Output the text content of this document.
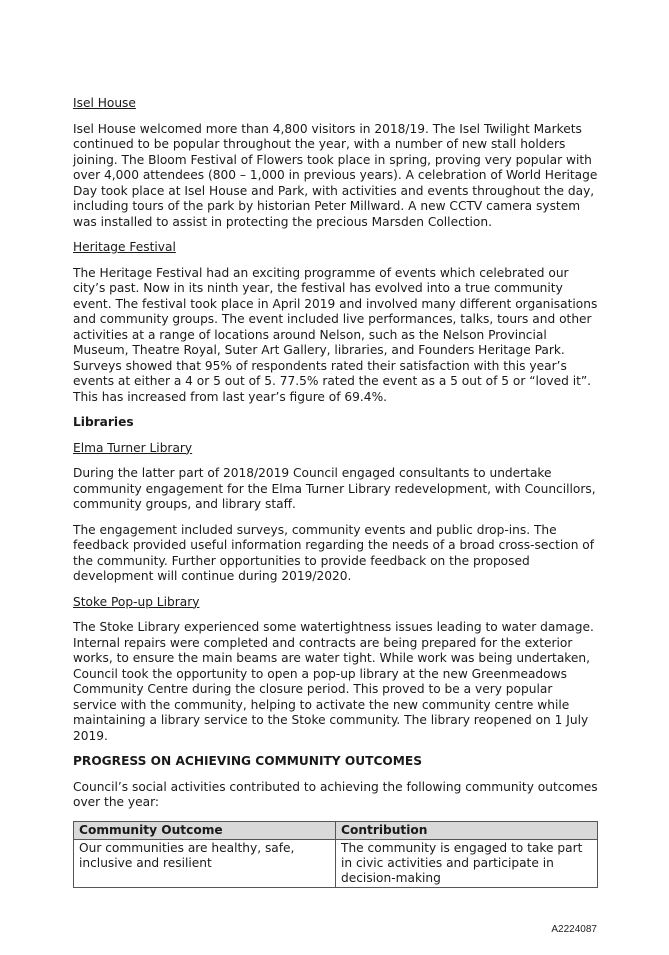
Isel House

Isel House welcomed more than 4,800 visitors in 2018/19. The Isel Twilight Markets continued to be popular throughout the year, with a number of new stall holders joining. The Bloom Festival of Flowers took place in spring, proving very popular with over 4,000 attendees (800 – 1,000 in previous years). A celebration of World Heritage Day took place at Isel House and Park, with activities and events throughout the day, including tours of the park by historian Peter Millward. A new CCTV camera system was installed to assist in protecting the precious Marsden Collection.

Heritage Festival

The Heritage Festival had an exciting programme of events which celebrated our city’s past. Now in its ninth year, the festival has evolved into a true community event. The festival took place in April 2019 and involved many different organisations and community groups. The event included live performances, talks, tours and other activities at a range of locations around Nelson, such as the Nelson Provincial Museum, Theatre Royal, Suter Art Gallery, libraries, and Founders Heritage Park. Surveys showed that 95% of respondents rated their satisfaction with this year’s events at either a 4 or 5 out of 5. 77.5% rated the event as a 5 out of 5 or “loved it”. This has increased from last year’s figure of 69.4%.

Libraries

Elma Turner Library

During the latter part of 2018/2019 Council engaged consultants to undertake community engagement for the Elma Turner Library redevelopment, with Councillors, community groups, and library staff.

The engagement included surveys, community events and public drop-ins. The feedback provided useful information regarding the needs of a broad cross-section of the community. Further opportunities to provide feedback on the proposed development will continue during 2019/2020.

Stoke Pop-up Library

The Stoke Library experienced some watertightness issues leading to water damage. Internal repairs were completed and contracts are being prepared for the exterior works, to ensure the main beams are water tight. While work was being undertaken, Council took the opportunity to open a pop-up library at the new Greenmeadows Community Centre during the closure period. This proved to be a very popular service with the community, helping to activate the new community centre while maintaining a library service to the Stoke community. The library reopened on 1 July 2019.

PROGRESS ON ACHIEVING COMMUNITY OUTCOMES

Council’s social activities contributed to achieving the following community outcomes over the year:

Community Outcome	Contribution
Our communities are healthy, safe, inclusive and resilient	The community is engaged to take part in civic activities and participate in decision-making
A2224087
